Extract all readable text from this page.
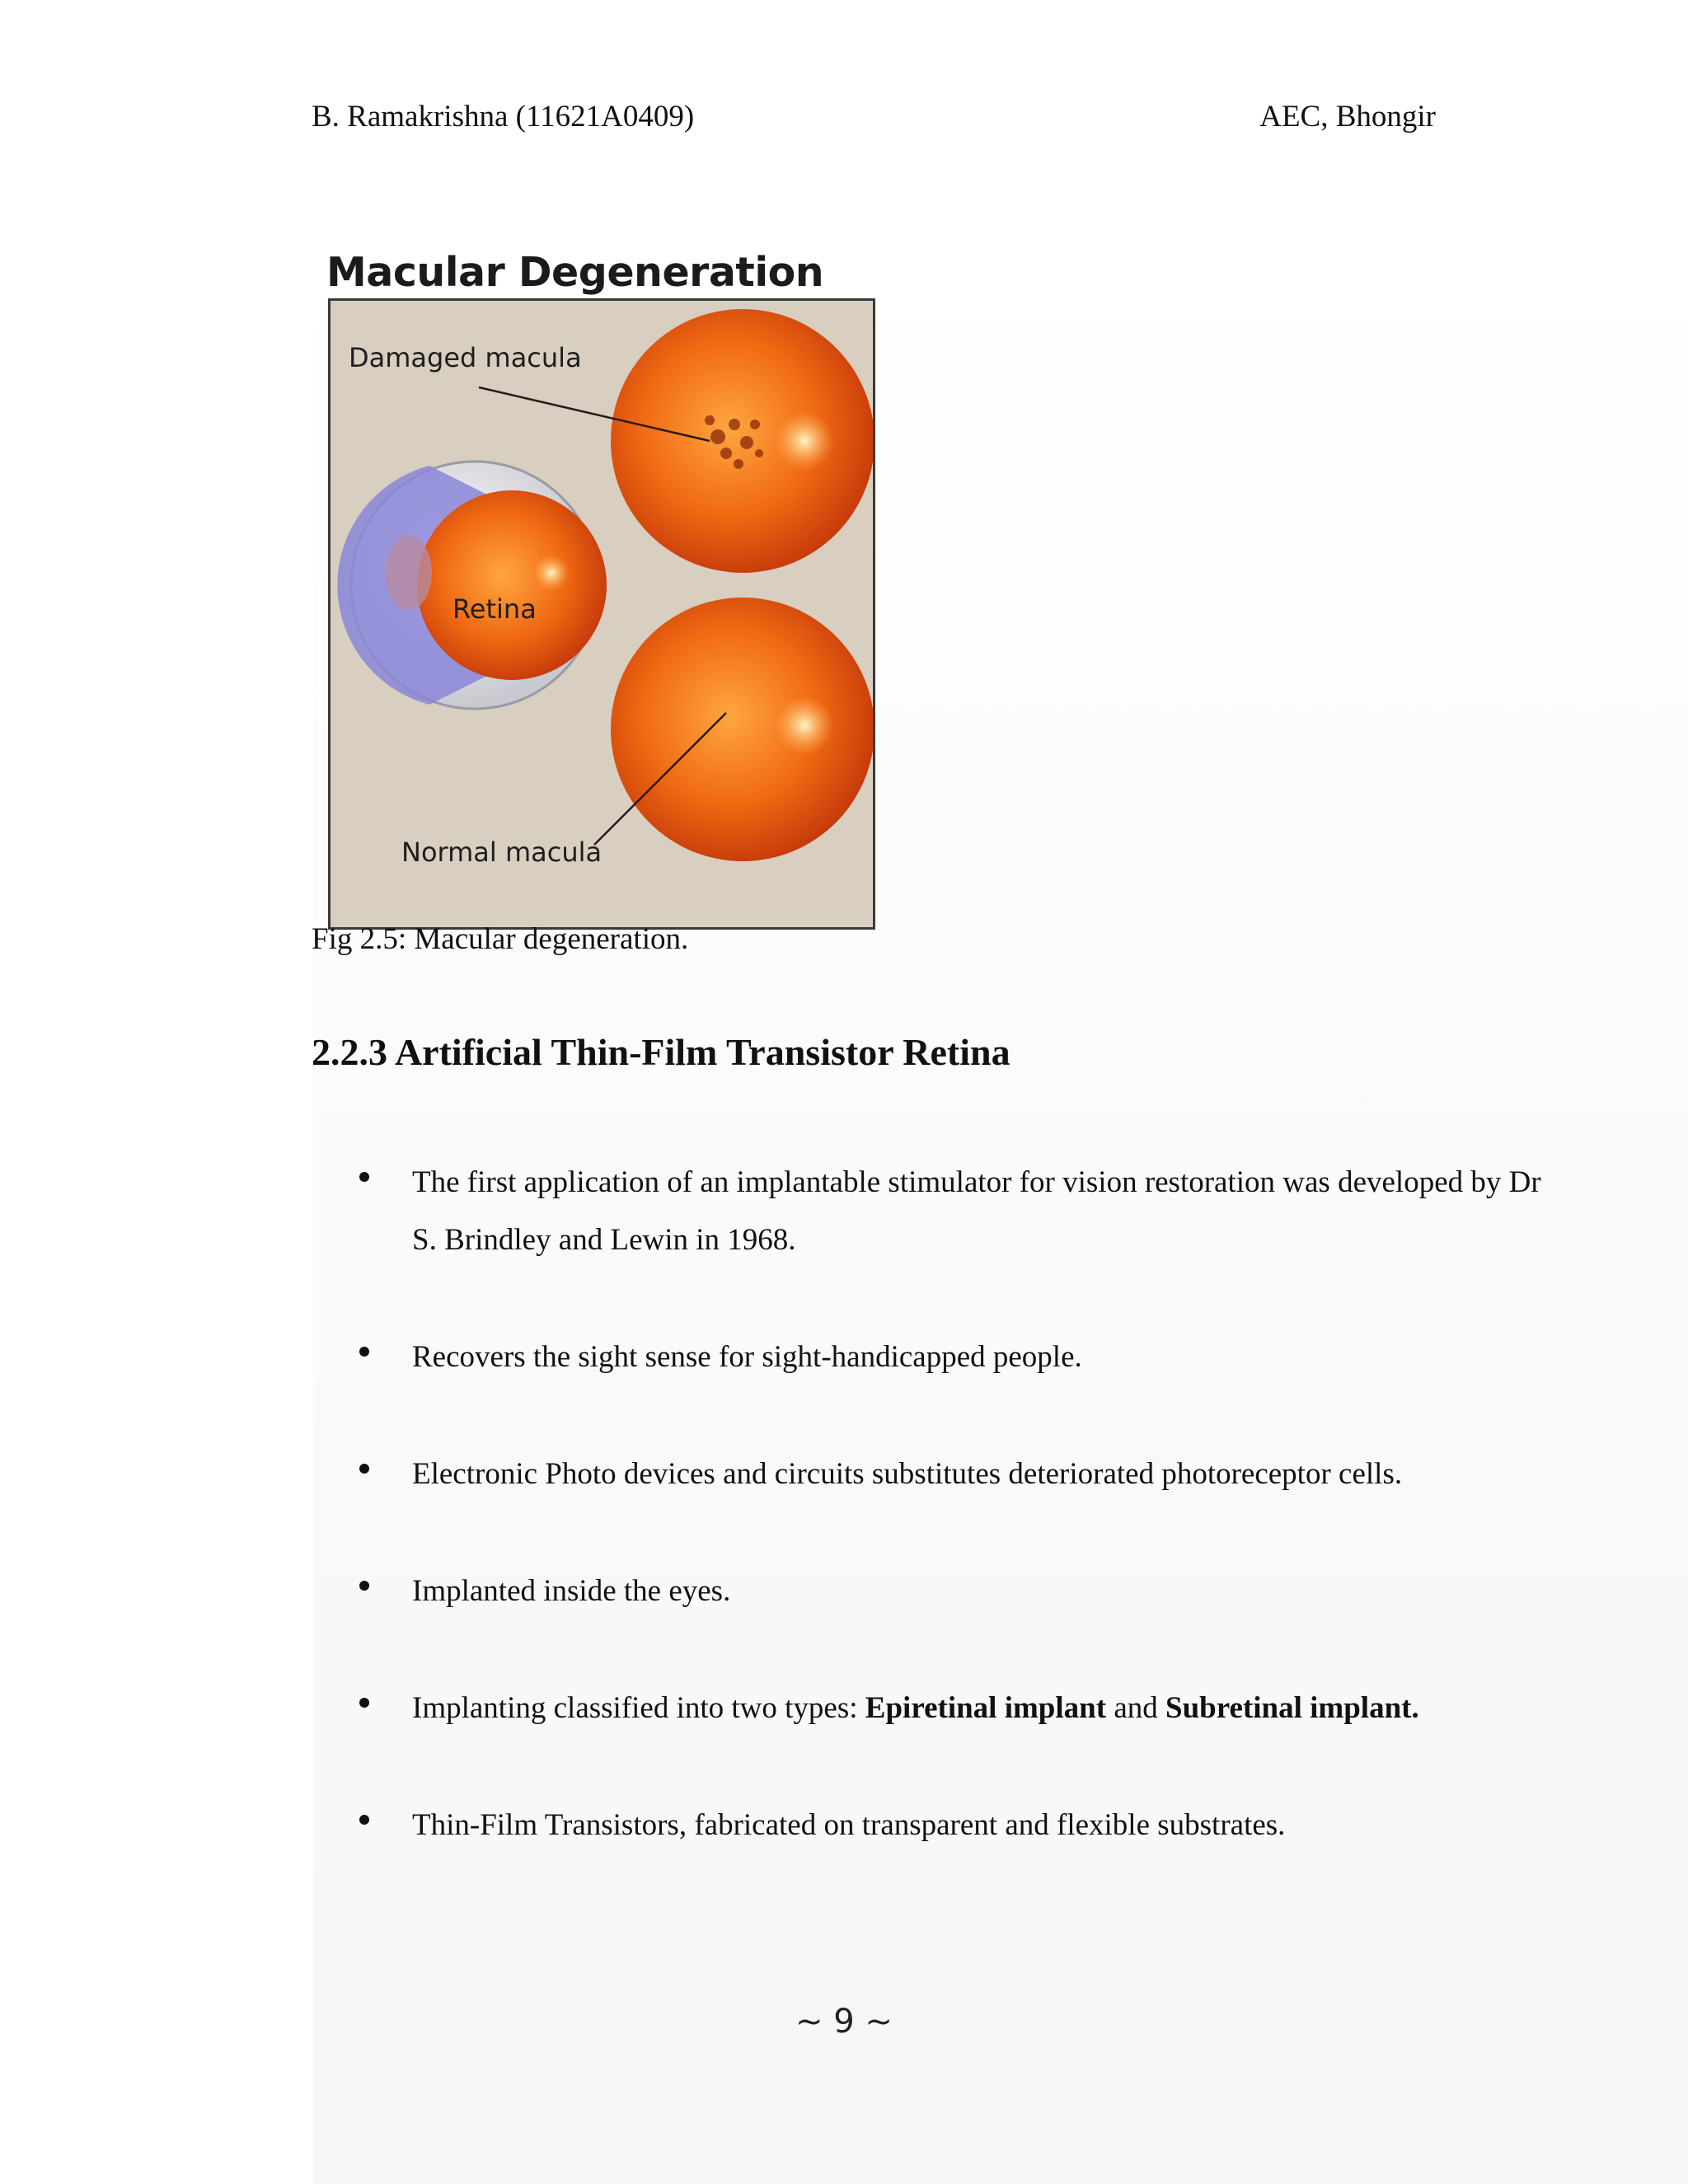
B. Ramakrishna (11621A0409)	AEC, Bhongir
Macular Degeneration
Damaged macula
Retina
Normal macula
Fig 2.5: Macular degeneration.
2.2.3 Artificial Thin-Film Transistor Retina
The first application of an implantable stimulator for vision restoration was developed by Dr S. Brindley and Lewin in 1968.
Recovers the sight sense for sight-handicapped people.
Electronic Photo devices and circuits substitutes deteriorated photoreceptor cells.
Implanted inside the eyes.
Implanting classified into two types: Epiretinal implant and Subretinal implant.
Thin-Film Transistors, fabricated on transparent and flexible substrates.
~ 9 ~
